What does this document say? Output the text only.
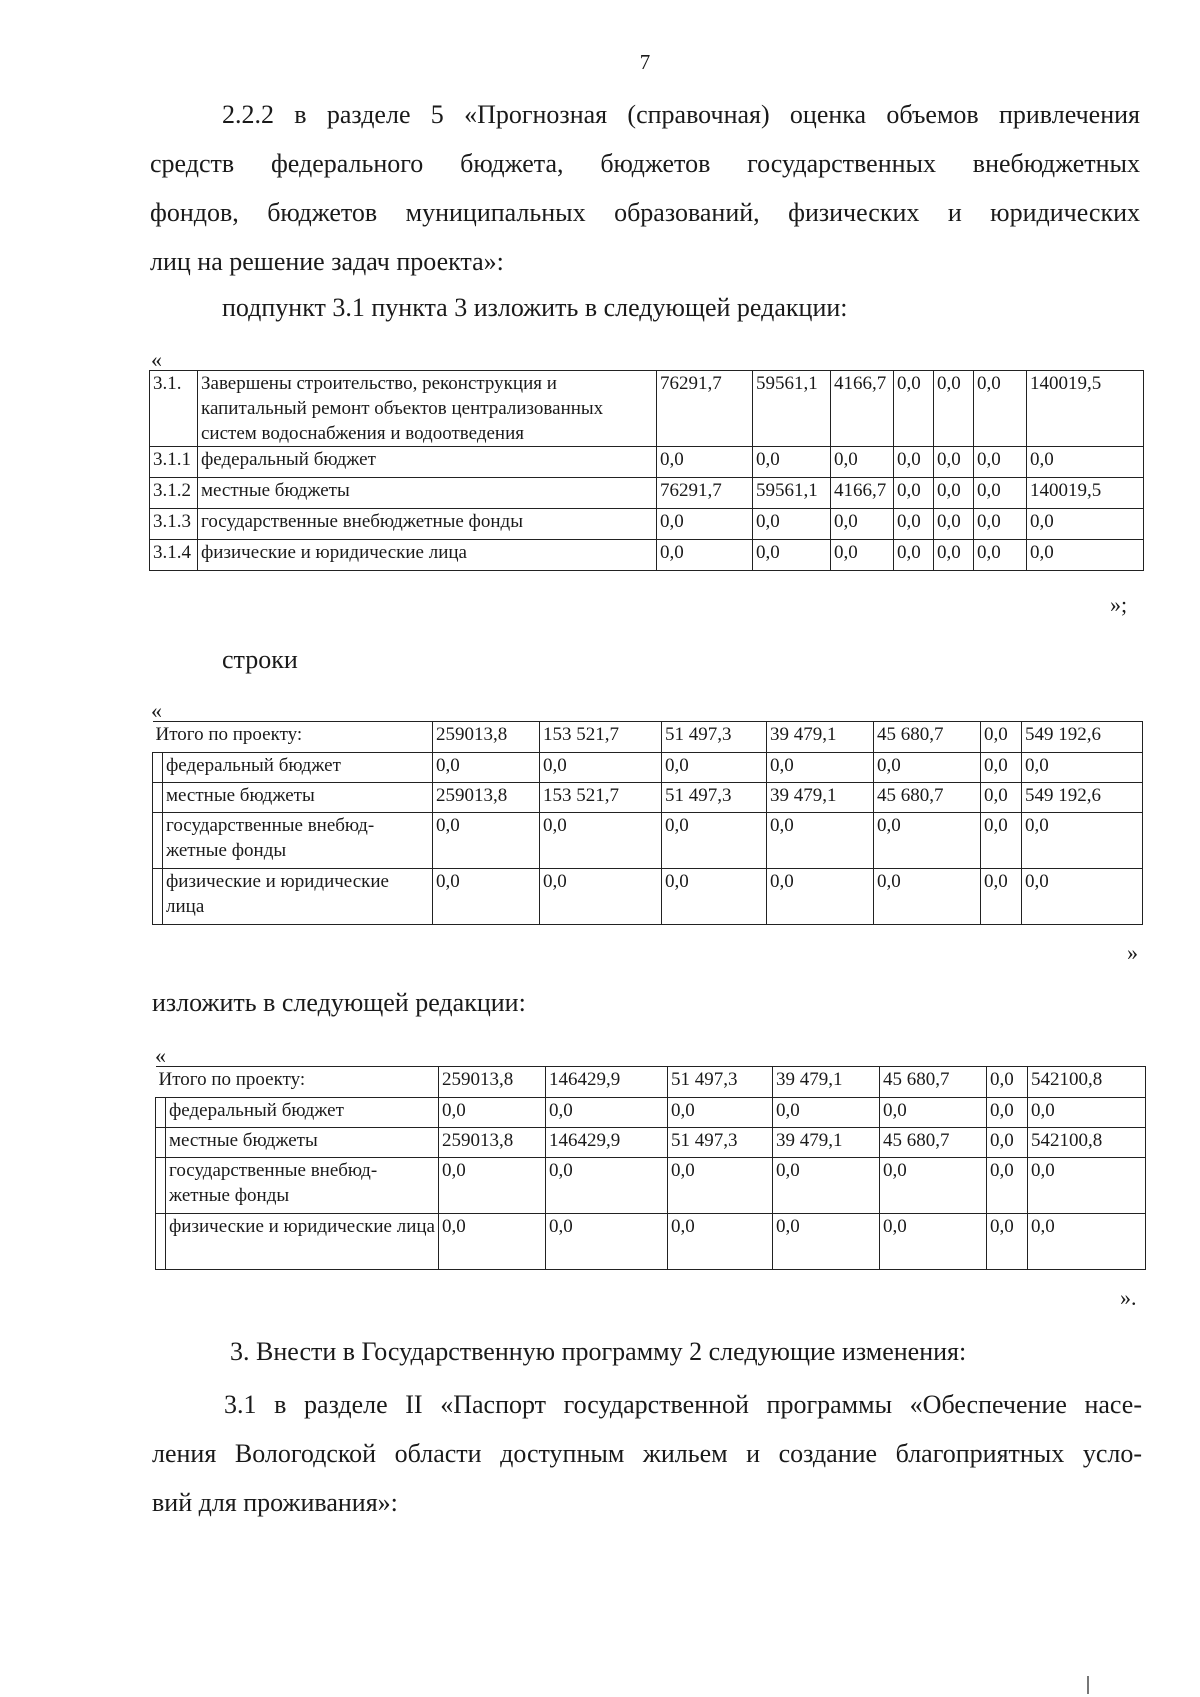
7

2.2.2 в разделе 5 «Прогнозная (справочная) оценка объемов привлечения
средств федерального бюджета, бюджетов государственных внебюджетных
фондов, бюджетов муниципальных образований, физических и юридических
лиц на решение задач проекта»:

подпункт 3.1 пункта 3 изложить в следующей редакции:
«
3.1.	Завершены строительство, реконструкция и капитальный ремонт объектов централизованных систем водоснабжения и водоотведения	76291,7	59561,1	4166,7	0,0	0,0	0,0	140019,5
3.1.1	федеральный бюджет	0,0	0,0	0,0	0,0	0,0	0,0	0,0
3.1.2	местные бюджеты	76291,7	59561,1	4166,7	0,0	0,0	0,0	140019,5
3.1.3	государственные внебюджетные фонды	0,0	0,0	0,0	0,0	0,0	0,0	0,0
3.1.4	физические и юридические лица	0,0	0,0	0,0	0,0	0,0	0,0	0,0
»;
строки
«
Итого по проекту:		259013,8	153 521,7	51 497,3	39 479,1	45 680,7	0,0	549 192,6
	федеральный бюджет	0,0	0,0	0,0	0,0	0,0	0,0	0,0
	местные бюджеты	259013,8	153 521,7	51 497,3	39 479,1	45 680,7	0,0	549 192,6
	государственные внебюд-жетные фонды	0,0	0,0	0,0	0,0	0,0	0,0	0,0
	физические и юридические лица	0,0	0,0	0,0	0,0	0,0	0,0	0,0
»
изложить в следующей редакции:
«
Итого по проекту:		259013,8	146429,9	51 497,3	39 479,1	45 680,7	0,0	542100,8
	федеральный бюджет	0,0	0,0	0,0	0,0	0,0	0,0	0,0
	местные бюджеты	259013,8	146429,9	51 497,3	39 479,1	45 680,7	0,0	542100,8
	государственные внебюд-жетные фонды	0,0	0,0	0,0	0,0	0,0	0,0	0,0
	физические и юридические лица	0,0	0,0	0,0	0,0	0,0	0,0	0,0
».
3. Внести в Государственную программу 2 следующие изменения:

3.1 в разделе II «Паспорт государственной программы «Обеспечение насе-
ления Вологодской области доступным жильем и создание благоприятных усло-
вий для проживания»:
